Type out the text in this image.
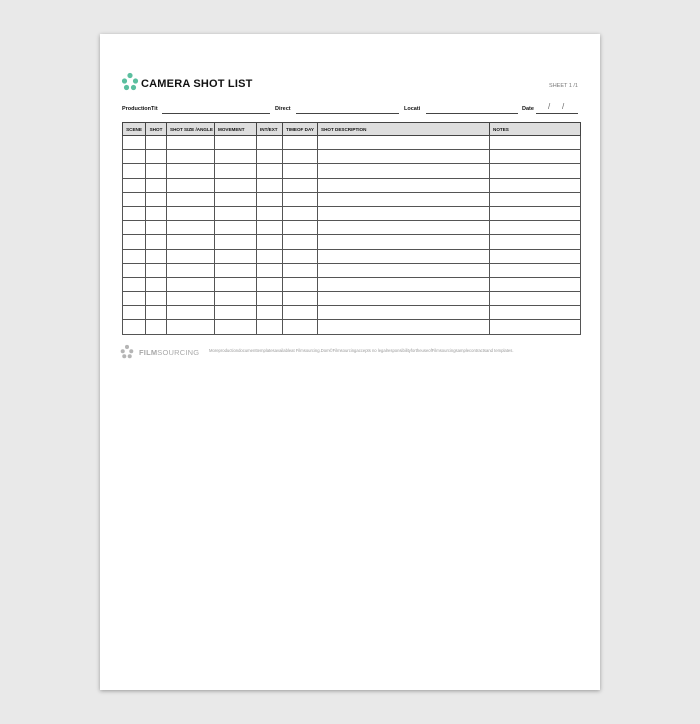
CAMERA SHOT LIST	SHEET 1 /1
ProductionTit	Direct	Locati	Date / /
SCENE	SHOT	SHOT SIZE /ANGLE	MOVEMENT	INT/EXT	TIMEOF DAY	SHOT DESCRIPTION	NOTES

FILMSOURCING Moreproductiondocumenttemplatesavailableat Filmsourcing.Dom©Filmsourcingaccepts no legalresponsibilityfortheuseofFilmsourcingsamplecontractsand templates.
